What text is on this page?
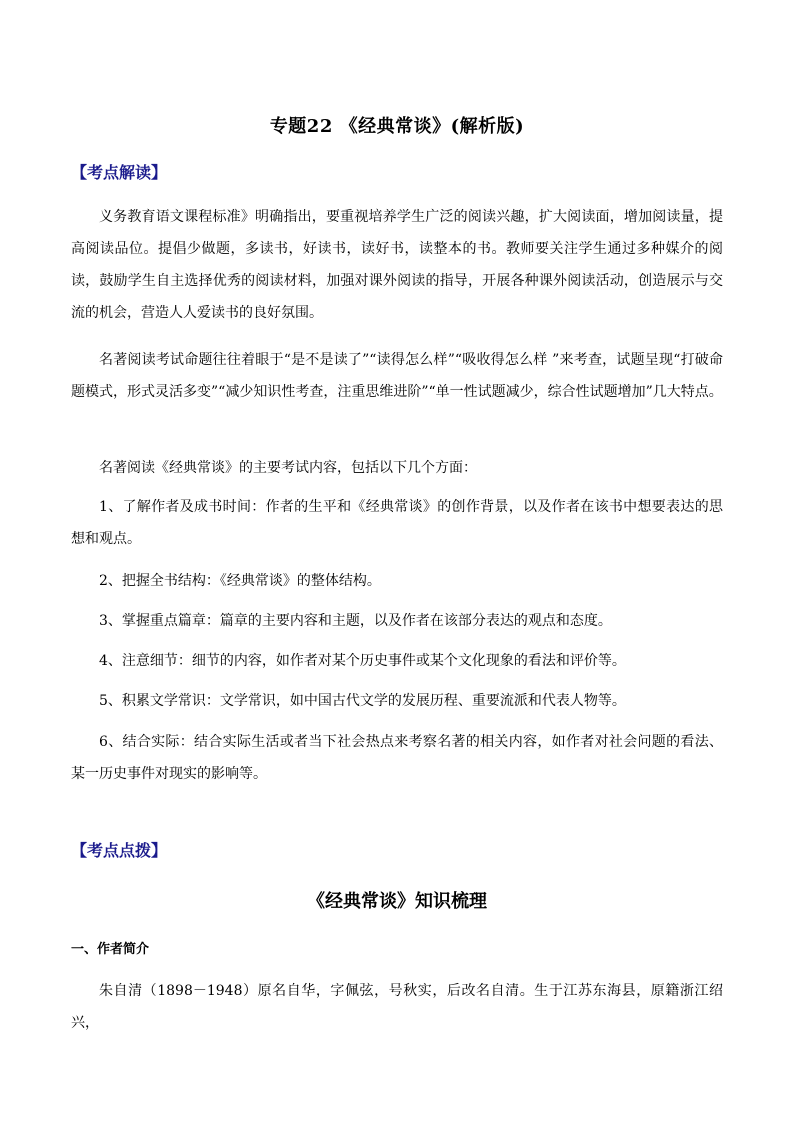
专题22 《经典常谈》(解析版)
【考点解读】

义务教育语文课程标准》明确指出，要重视培养学生广泛的阅读兴趣，扩大阅读面，增加阅读量，提高阅读品位。提倡少做题，多读书，好读书，读好书，读整本的书。教师要关注学生通过多种媒介的阅读，鼓励学生自主选择优秀的阅读材料，加强对课外阅读的指导，开展各种课外阅读活动，创造展示与交流的机会，营造人人爱读书的良好氛围。

名著阅读考试命题往往着眼于“是不是读了”“读得怎么样”“吸收得怎么样 ”来考查，试题呈现“打破命题模式，形式灵活多变”“减少知识性考查，注重思维进阶”“单一性试题减少，综合性试题增加”几大特点。

名著阅读《经典常谈》的主要考试内容，包括以下几个方面：

1、了解作者及成书时间：作者的生平和《经典常谈》的创作背景，以及作者在该书中想要表达的思想和观点。

2、把握全书结构：《经典常谈》的整体结构。

3、掌握重点篇章：篇章的主要内容和主题，以及作者在该部分表达的观点和态度。

4、注意细节：细节的内容，如作者对某个历史事件或某个文化现象的看法和评价等。

5、积累文学常识：文学常识，如中国古代文学的发展历程、重要流派和代表人物等。

6、结合实际：结合实际生活或者当下社会热点来考察名著的相关内容，如作者对社会问题的看法、某一历史事件对现实的影响等。

【考点点拨】
《经典常谈》知识梳理
一、作者简介

朱自清（1898－1948）原名自华，字佩弦，号秋实，后改名自清。生于江苏东海县，原籍浙江绍兴，
